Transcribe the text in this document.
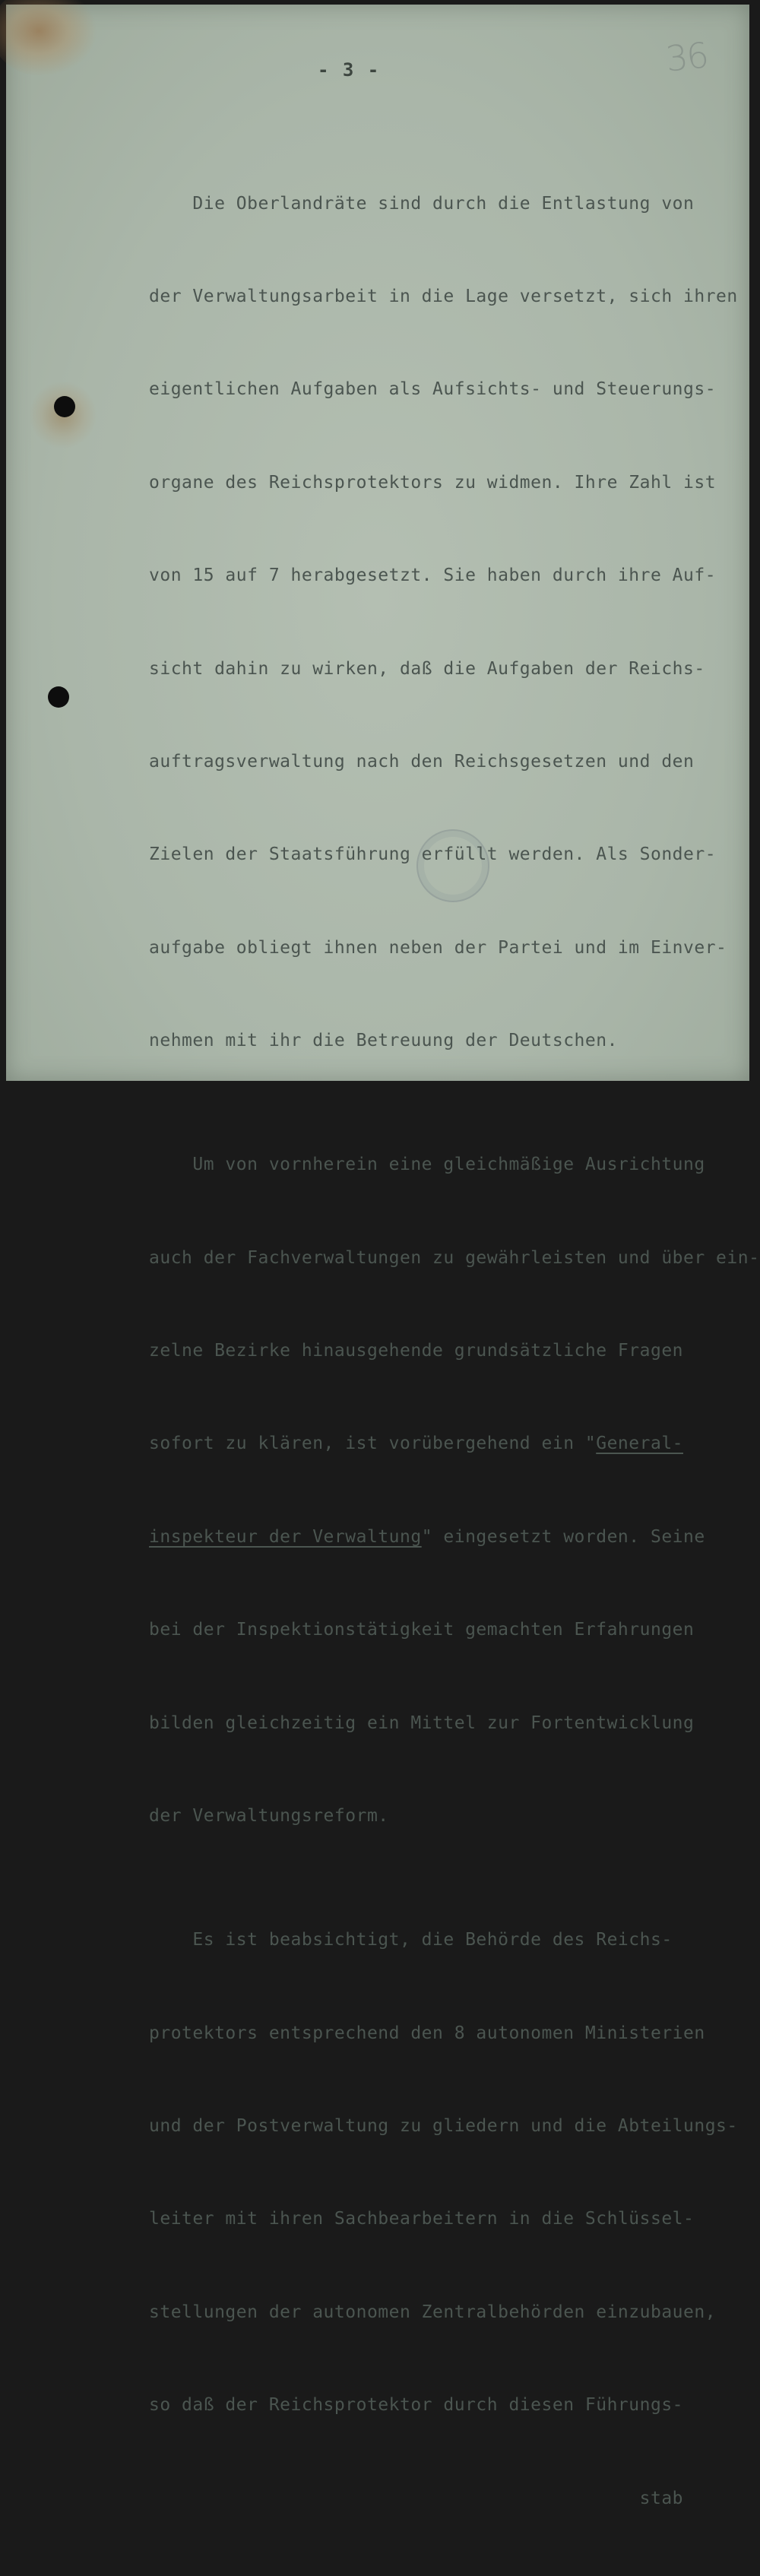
36
- 3 -

Die Oberlandräte sind durch die Entlastung von

der Verwaltungsarbeit in die Lage versetzt, sich ihren

eigentlichen Aufgaben als Aufsichts- und Steuerungs-

organe des Reichsprotektors zu widmen. Ihre Zahl ist

von 15 auf 7 herabgesetzt. Sie haben durch ihre Auf-

sicht dahin zu wirken, daß die Aufgaben der Reichs-

auftragsverwaltung nach den Reichsgesetzen und den

Zielen der Staatsführung erfüllt werden. Als Sonder-

aufgabe obliegt ihnen neben der Partei und im Einver-

nehmen mit ihr die Betreuung der Deutschen.

Um von vornherein eine gleichmäßige Ausrichtung

auch der Fachverwaltungen zu gewährleisten und über ein-

zelne Bezirke hinausgehende grundsätzliche Fragen

sofort zu klären, ist vorübergehend ein "General-

inspekteur der Verwaltung" eingesetzt worden. Seine

bei der Inspektionstätigkeit gemachten Erfahrungen

bilden gleichzeitig ein Mittel zur Fortentwicklung

der Verwaltungsreform.

Es ist beabsichtigt, die Behörde des Reichs-

protektors entsprechend den 8 autonomen Ministerien

und der Postverwaltung zu gliedern und die Abteilungs-

leiter mit ihren Sachbearbeitern in die Schlüssel-

stellungen der autonomen Zentralbehörden einzubauen,

so daß der Reichsprotektor durch diesen Führungs-

stab
